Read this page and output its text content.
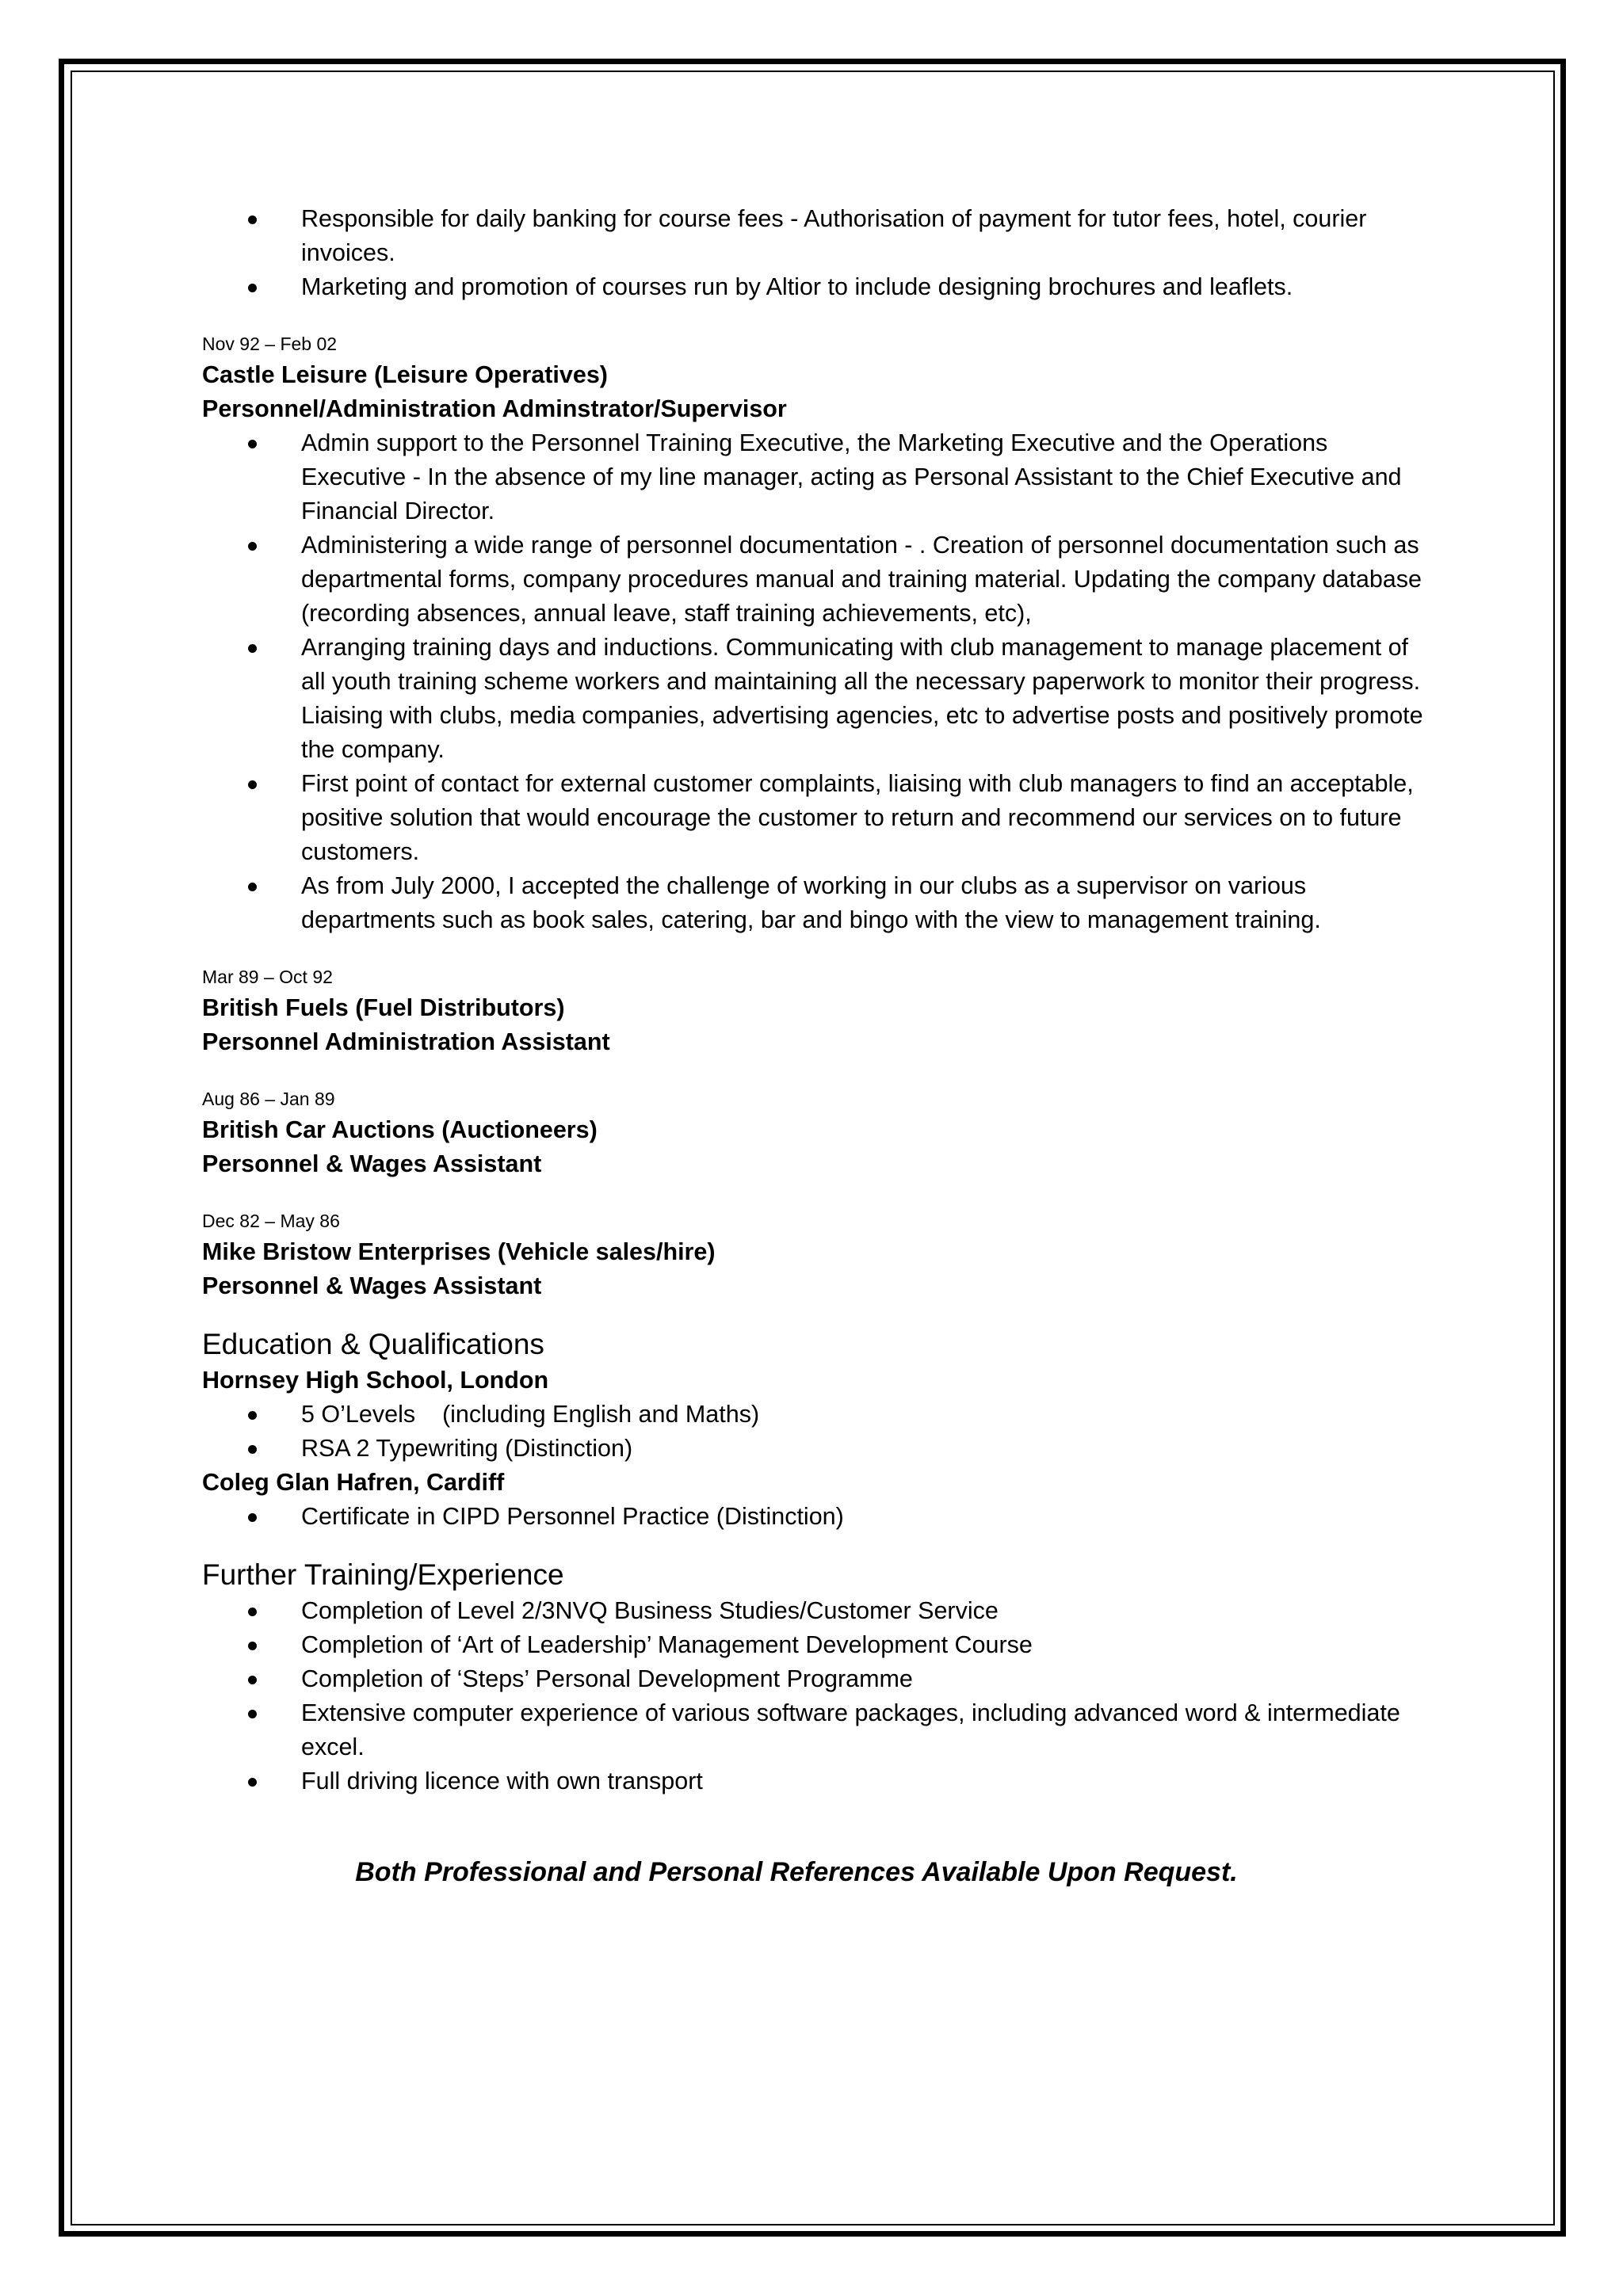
Responsible for daily banking for course fees - Authorisation of payment for tutor fees, hotel, courier invoices.
Marketing and promotion of courses run by Altior to include designing brochures and leaflets.
Nov 92 – Feb 02
Castle Leisure (Leisure Operatives)
Personnel/Administration Adminstrator/Supervisor
Admin support to the Personnel Training Executive, the Marketing Executive and the Operations Executive - In the absence of my line manager, acting as Personal Assistant to the Chief Executive and Financial Director.
Administering a wide range of personnel documentation - . Creation of personnel documentation such as departmental forms, company procedures manual and training material. Updating the company database (recording absences, annual leave, staff training achievements, etc),
Arranging training days and inductions. Communicating with club management to manage placement of all youth training scheme workers and maintaining all the necessary paperwork to monitor their progress. Liaising with clubs, media companies, advertising agencies, etc to advertise posts and positively promote the company.
First point of contact for external customer complaints, liaising with club managers to find an acceptable, positive solution that would encourage the customer to return and recommend our services on to future customers.
As from July 2000, I accepted the challenge of working in our clubs as a supervisor on various departments such as book sales, catering, bar and bingo with the view to management training.
Mar 89 – Oct 92
British Fuels (Fuel Distributors)
Personnel Administration Assistant
Aug 86 – Jan 89
British Car Auctions (Auctioneers)
Personnel & Wages Assistant
Dec 82 – May 86
Mike Bristow Enterprises (Vehicle sales/hire)
Personnel & Wages Assistant
Education & Qualifications
Hornsey High School, London
5 O’Levels    (including English and Maths)
RSA 2 Typewriting (Distinction)
Coleg Glan Hafren, Cardiff
Certificate in CIPD Personnel Practice (Distinction)
Further Training/Experience
Completion of Level 2/3NVQ Business Studies/Customer Service
Completion of ‘Art of Leadership’ Management Development Course
Completion of ‘Steps’ Personal Development Programme
Extensive computer experience of various software packages, including advanced word & intermediate excel.
Full driving licence with own transport
Both Professional and Personal References Available Upon Request.
